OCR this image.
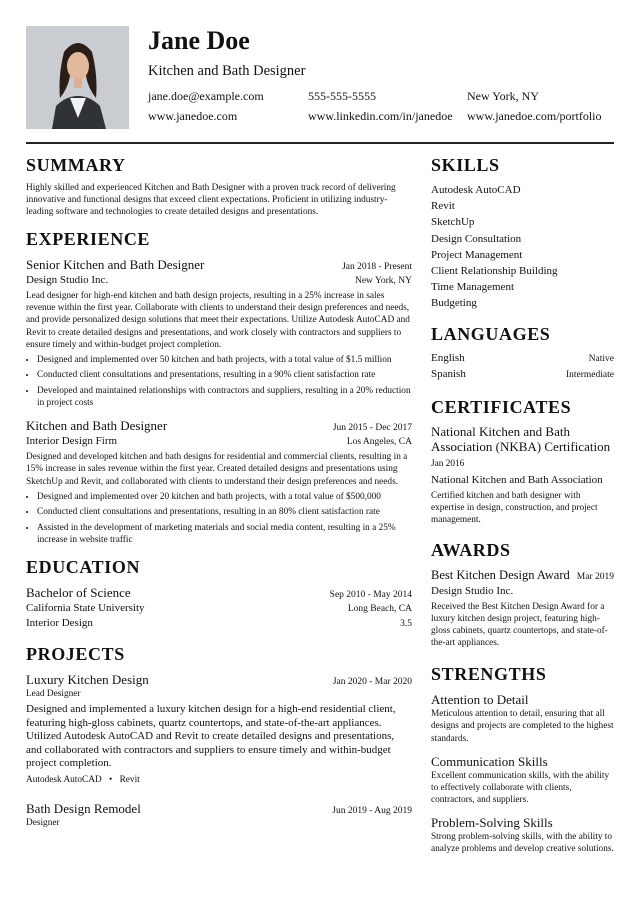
Jane Doe
Kitchen and Bath Designer
jane.doe@example.com	555-555-5555	New York, NY
www.janedoe.com	www.linkedin.com/in/janedoe www.janedoe.com/portfolio
SUMMARY
Highly skilled and experienced Kitchen and Bath Designer with a proven track record of delivering innovative and functional designs that exceed client expectations. Proficient in utilizing industry-leading software and technologies to create detailed designs and presentations.
EXPERIENCE
Senior Kitchen and Bath Designer	Jan 2018 - Present
Design Studio Inc.	New York, NY
Lead designer for high-end kitchen and bath design projects, resulting in a 25% increase in sales revenue within the first year. Collaborate with clients to understand their design preferences and needs, and provide personalized design solutions that meet their expectations. Utilize Autodesk AutoCAD and Revit to create detailed designs and presentations, and work closely with contractors and suppliers to ensure timely and within-budget project completion.
• Designed and implemented over 50 kitchen and bath projects, with a total value of $1.5 million
• Conducted client consultations and presentations, resulting in a 90% client satisfaction rate
• Developed and maintained relationships with contractors and suppliers, resulting in a 20% reduction in project costs
Kitchen and Bath Designer	Jun 2015 - Dec 2017
Interior Design Firm	Los Angeles, CA
Designed and developed kitchen and bath designs for residential and commercial clients, resulting in a 15% increase in sales revenue within the first year. Created detailed designs and presentations using SketchUp and Revit, and collaborated with clients to understand their design preferences and needs.
• Designed and implemented over 20 kitchen and bath projects, with a total value of $500,000
• Conducted client consultations and presentations, resulting in an 80% client satisfaction rate
• Assisted in the development of marketing materials and social media content, resulting in a 25% increase in website traffic
EDUCATION
Bachelor of Science	Sep 2010 - May 2014
California State University	Long Beach, CA
Interior Design	3.5
PROJECTS
Luxury Kitchen Design	Jan 2020 - Mar 2020
Lead Designer
Designed and implemented a luxury kitchen design for a high-end residential client, featuring high-gloss cabinets, quartz countertops, and state-of-the-art appliances. Utilized Autodesk AutoCAD and Revit to create detailed designs and presentations, and collaborated with contractors and suppliers to ensure timely and within-budget project completion.
Autodesk AutoCAD • Revit
Bath Design Remodel	Jun 2019 - Aug 2019
Designer
SKILLS
Autodesk AutoCAD
Revit
SketchUp
Design Consultation
Project Management
Client Relationship Building
Time Management
Budgeting
LANGUAGES
English	Native
Spanish	Intermediate
CERTIFICATES
National Kitchen and Bath Association (NKBA) Certification
Jan 2016
National Kitchen and Bath Association
Certified kitchen and bath designer with expertise in design, construction, and project management.
AWARDS
Best Kitchen Design Award Mar 2019
Design Studio Inc.
Received the Best Kitchen Design Award for a luxury kitchen design project, featuring high-gloss cabinets, quartz countertops, and state-of-the-art appliances.
STRENGTHS
Attention to Detail
Meticulous attention to detail, ensuring that all designs and projects are completed to the highest standards.
Communication Skills
Excellent communication skills, with the ability to effectively collaborate with clients, contractors, and suppliers.
Problem-Solving Skills
Strong problem-solving skills, with the ability to analyze problems and develop creative solutions.
